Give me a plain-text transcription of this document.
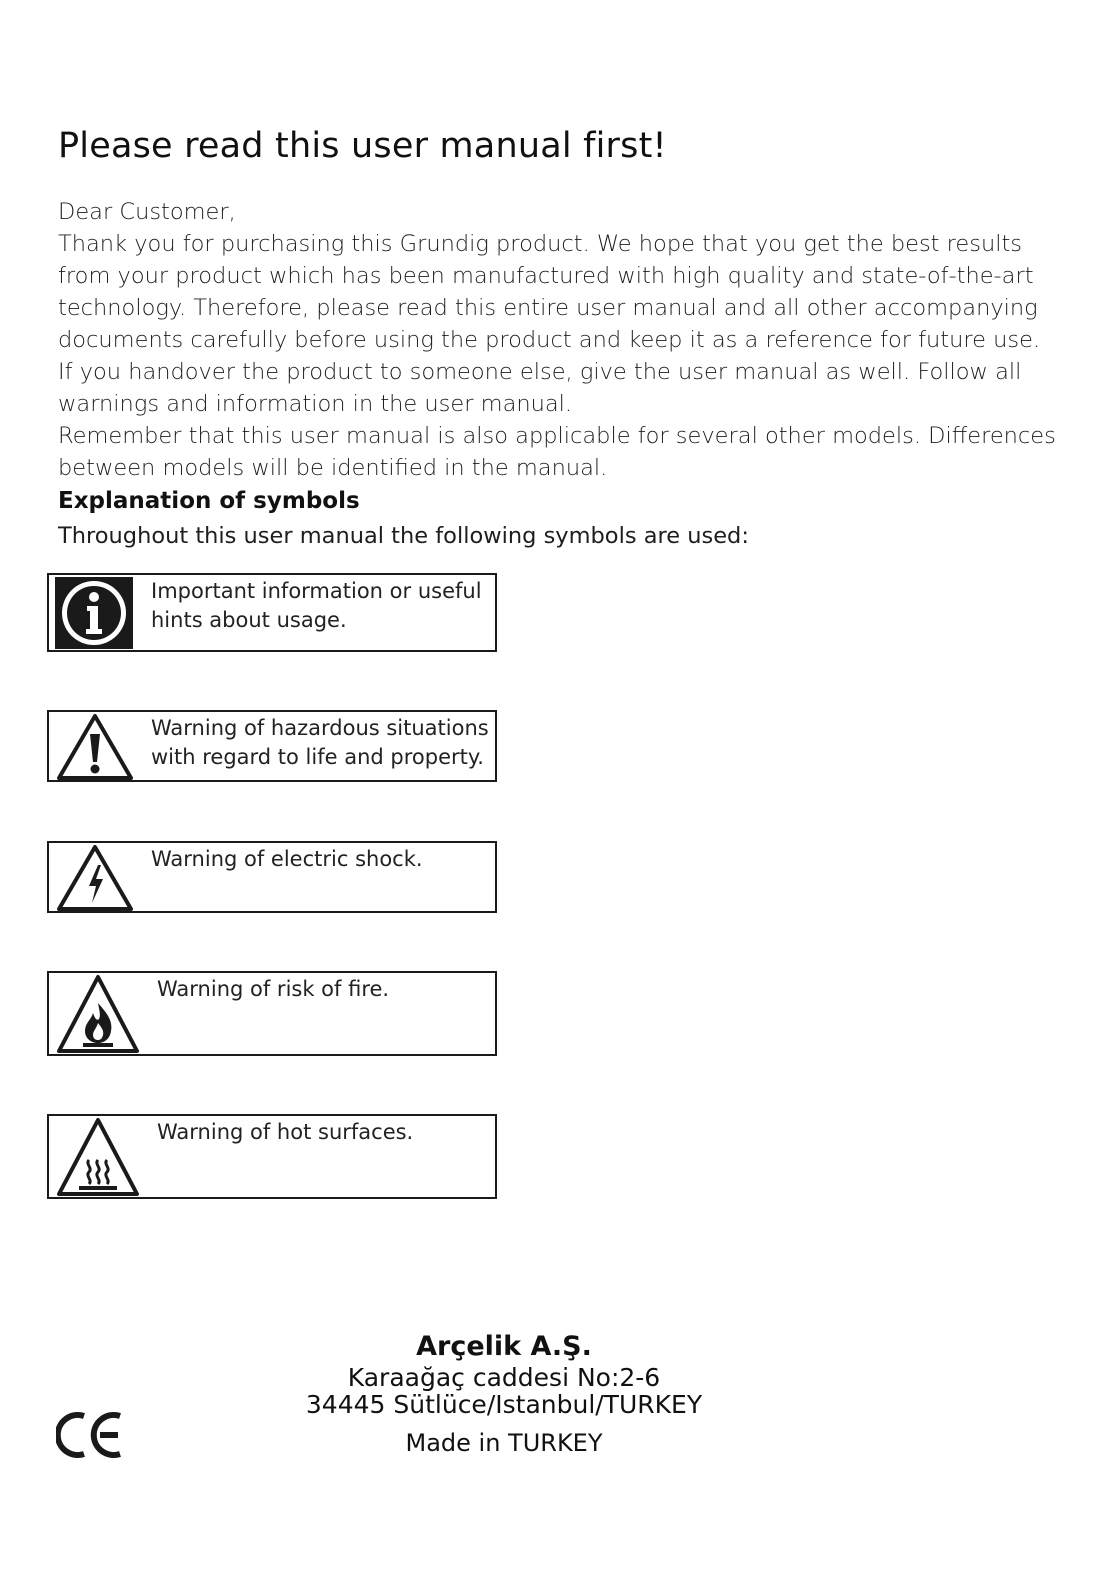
Please read this user manual first!

Dear Customer,

Thank you for purchasing this Grundig product. We hope that you get the best results from your product which has been manufactured with high quality and state-of-the-art technology. Therefore, please read this entire user manual and all other accompanying documents carefully before using the product and keep it as a reference for future use. If you handover the product to someone else, give the user manual as well. Follow all warnings and information in the user manual.

Remember that this user manual is also applicable for several other models. Differences between models will be identified in the manual.

Explanation of symbols

Throughout this user manual the following symbols are used:

Important information or useful hints about usage.

Warning of hazardous situations with regard to life and property.

Warning of electric shock.

Warning of risk of fire.

Warning of hot surfaces.

Arçelik A.Ş.
Karaağaç caddesi No:2-6
34445 Sütlüce/Istanbul/TURKEY
Made in TURKEY
